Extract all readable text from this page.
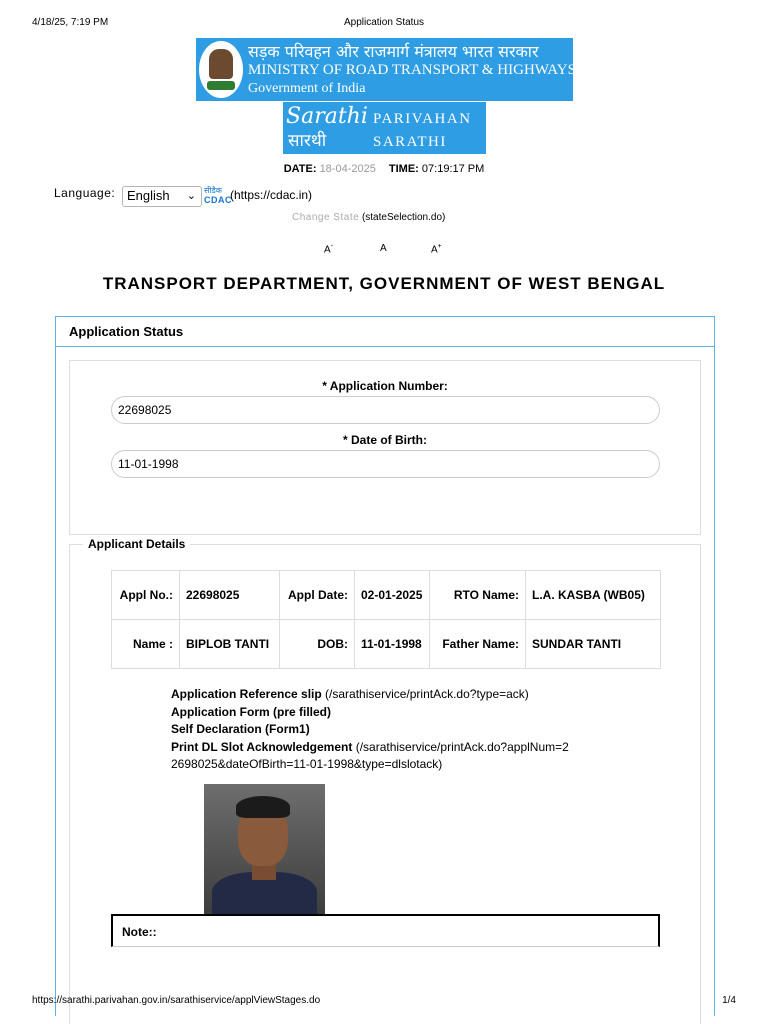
4/18/25, 7:19 PM	Application Status
सड़क परिवहन और राजमार्ग मंत्रालय भारत सरकार
MINISTRY OF ROAD TRANSPORT & HIGHWAYS
Government of India
Sarathi
सारथी
PARIVAHAN
SARATHI
DATE: 18-04-2025 TIME: 07:19:17 PM
Language: English ⌄ सीडैक
CDAC
(https://cdac.in)
Change State (stateSelection.do)
A-	A	A+
TRANSPORT DEPARTMENT, GOVERNMENT OF WEST BENGAL
Application Status
* Application Number:
22698025
* Date of Birth:
11-01-1998
Applicant Details
Appl No.:	22698025	Appl Date:	02-01-2025	RTO Name:	L.A. KASBA (WB05)
Name :	BIPLOB TANTI	DOB:	11-01-1998	Father Name:	SUNDAR TANTI
Application Reference slip (/sarathiservice/printAck.do?type=ack)
Application Form (pre filled)
Self Declaration (Form1)
Print DL Slot Acknowledgement (/sarathiservice/printAck.do?applNum=22698025&dateOfBirth=11-01-1998&type=dlslotack)
Note::
https://sarathi.parivahan.gov.in/sarathiservice/applViewStages.do	1/4
